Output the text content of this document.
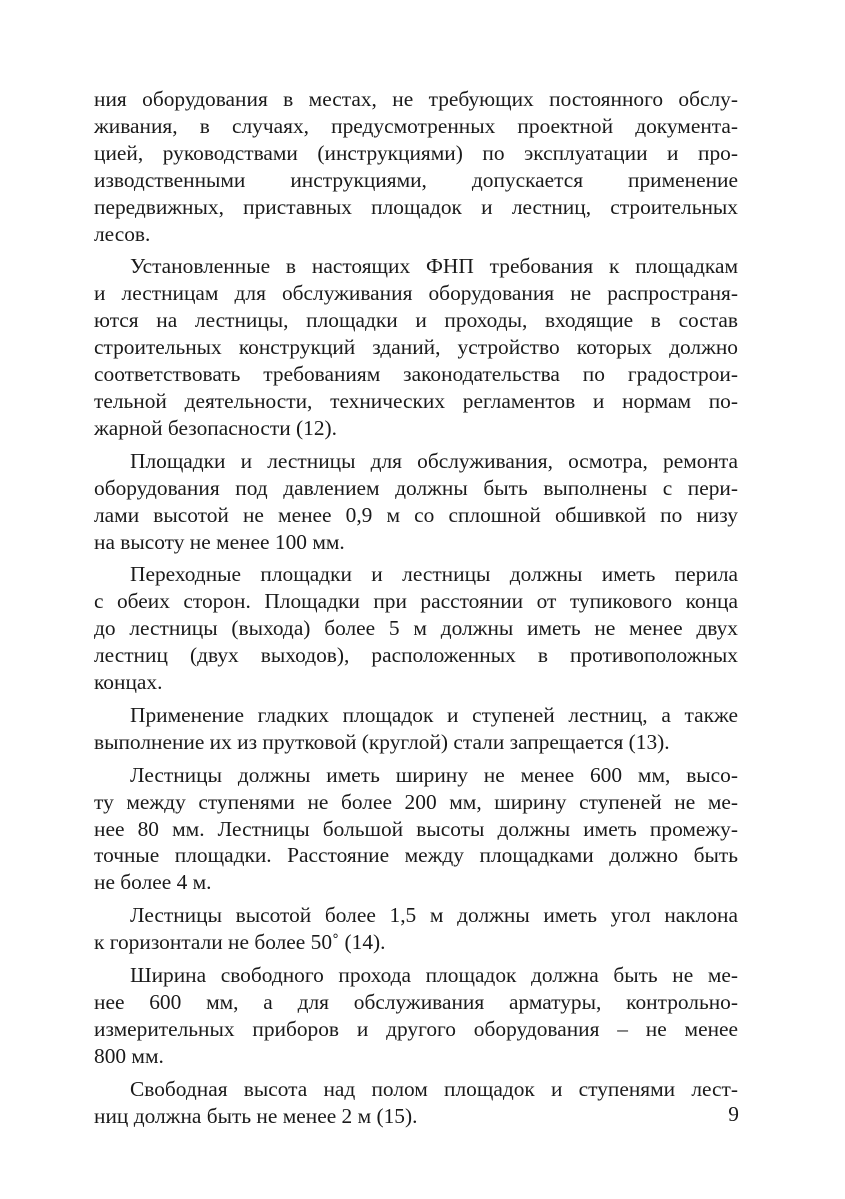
ния оборудования в местах, не требующих постоянного обслу-
живания, в случаях, предусмотренных проектной документа-
цией, руководствами (инструкциями) по эксплуатации и про-
изводственными инструкциями, допускается применение
передвижных, приставных площадок и лестниц, строительных
лесов.

Установленные в настоящих ФНП требования к площадкам
и лестницам для обслуживания оборудования не распространя-
ются на лестницы, площадки и проходы, входящие в состав
строительных конструкций зданий, устройство которых должно
соответствовать требованиям законодательства по градострои-
тельной деятельности, технических регламентов и нормам по-
жарной безопасности (12).

Площадки и лестницы для обслуживания, осмотра, ремонта
оборудования под давлением должны быть выполнены с пери-
лами высотой не менее 0,9 м со сплошной обшивкой по низу
на высоту не менее 100 мм.

Переходные площадки и лестницы должны иметь перила
с обеих сторон. Площадки при расстоянии от тупикового конца
до лестницы (выхода) более 5 м должны иметь не менее двух
лестниц (двух выходов), расположенных в противоположных
концах.

Применение гладких площадок и ступеней лестниц, а также
выполнение их из прутковой (круглой) стали запрещается (13).

Лестницы должны иметь ширину не менее 600 мм, высо-
ту между ступенями не более 200 мм, ширину ступеней не ме-
нее 80 мм. Лестницы большой высоты должны иметь промежу-
точные площадки. Расстояние между площадками должно быть
не более 4 м.

Лестницы высотой более 1,5 м должны иметь угол наклона
к горизонтали не более 50˚ (14).

Ширина свободного прохода площадок должна быть не ме-
нее 600 мм, а для обслуживания арматуры, контрольно-
измерительных приборов и другого оборудования – не менее
800 мм.

Свободная высота над полом площадок и ступенями лест-
ниц должна быть не менее 2 м (15).	9
